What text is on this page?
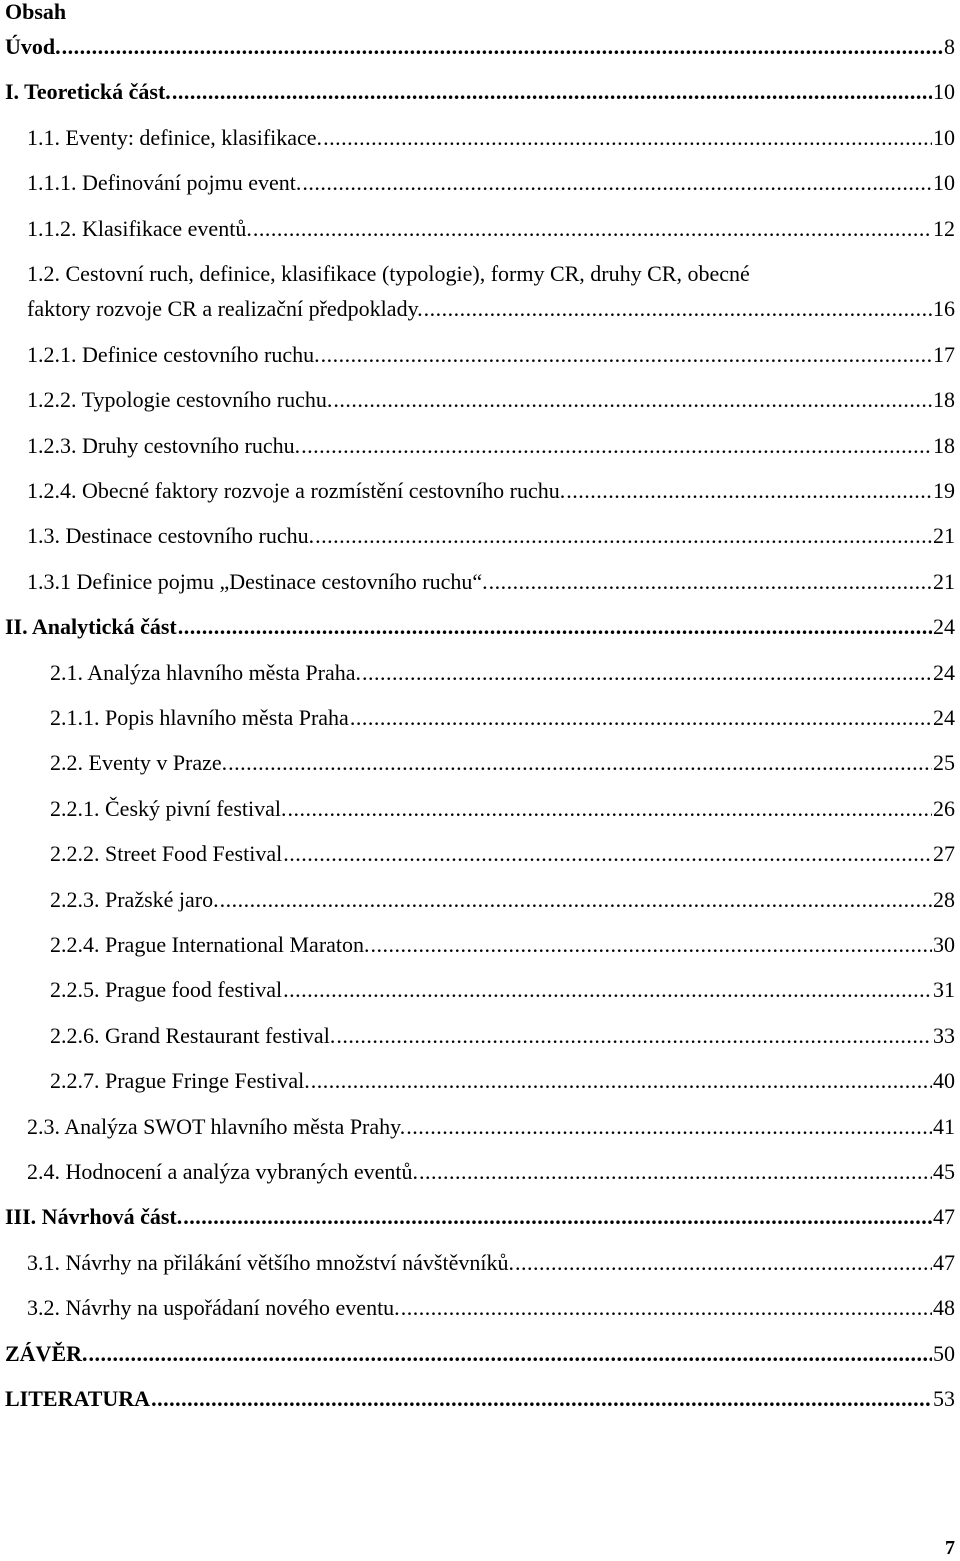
Obsah
Úvod. .....	8
I. Teoretická část. .....	10
1.1. Eventy: definice, klasifikace. .....	10
1.1.1. Definování pojmu event. .....	10
1.1.2. Klasifikace eventů. .....	12
1.2. Cestovní ruch, definice, klasifikace (typologie), formy CR, druhy CR, obecné
faktory rozvoje CR a realizační předpoklady. .....	16
1.2.1. Definice cestovního ruchu. .....	17
1.2.2. Typologie cestovního ruchu. .....	18
1.2.3. Druhy cestovního ruchu. .....	18
1.2.4. Obecné faktory rozvoje a rozmístění cestovního ruchu. .....	19
1.3. Destinace cestovního ruchu. .....	21
1.3.1 Definice pojmu „Destinace cestovního ruchu“. .....	21
II. Analytická část .....	24
2.1. Analýza hlavního města Praha. .....	24
2.1.1. Popis hlavního města Praha .....	24
2.2. Eventy v Praze. .....	25
2.2.1. Český pivní festival. .....	26
2.2.2. Street Food Festival .....	27
2.2.3. Pražské jaro. .....	28
2.2.4. Prague International Maraton. .....	30
2.2.5. Prague food festival .....	31
2.2.6. Grand Restaurant festival. .....	33
2.2.7. Prague Fringe Festival. .....	40
2.3. Analýza SWOT hlavního města Prahy. .....	41
2.4. Hodnocení a analýza vybraných eventů. .....	45
III. Návrhová část. .....	47
3.1. Návrhy na přilákání většího množství návštěvníků. .....	47
3.2. Návrhy na uspořádaní nového eventu. .....	48
ZÁVĚR. .....	50
LITERATURA .....	53
7
